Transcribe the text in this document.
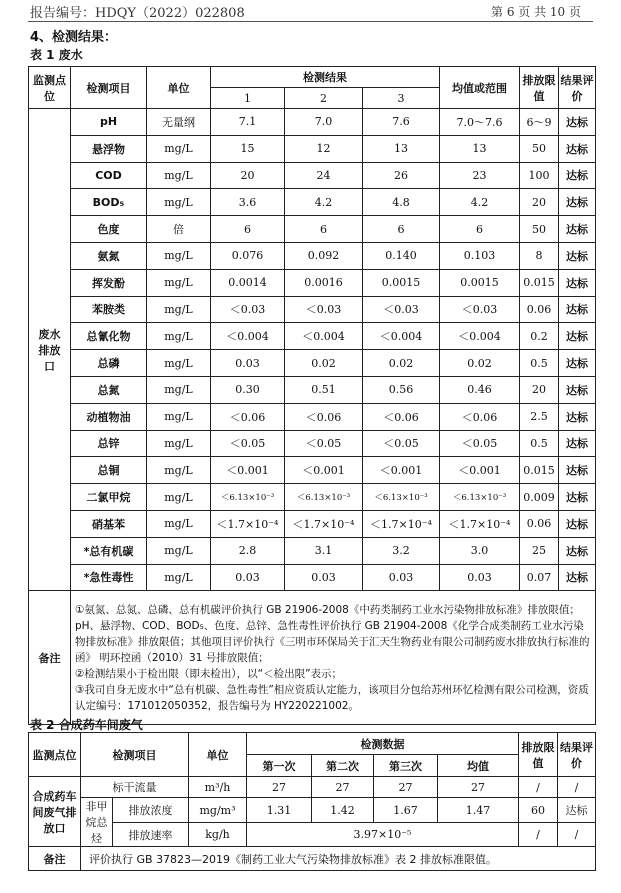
报告编号：HDQY（2022）022808	第 6 页 共 10 页
4、检测结果：
表 1 废水
监测点位	检测项目	单位	检测结果			均值或范围	排放限值	结果评价
			1	2	3			
废水排放口	pH	无量纲	7.1	7.0	7.6	7.0～7.6	6～9	达标
	悬浮物	mg/L	15	12	13	13	50	达标
	COD	mg/L	20	24	26	23	100	达标
	BOD₅	mg/L	3.6	4.2	4.8	4.2	20	达标
	色度	倍	6	6	6	6	50	达标
	氨氮	mg/L	0.076	0.092	0.140	0.103	8	达标
	挥发酚	mg/L	0.0014	0.0016	0.0015	0.0015	0.015	达标
	苯胺类	mg/L	＜0.03	＜0.03	＜0.03	＜0.03	0.06	达标
	总氰化物	mg/L	＜0.004	＜0.004	＜0.004	＜0.004	0.2	达标
	总磷	mg/L	0.03	0.02	0.02	0.02	0.5	达标
	总氮	mg/L	0.30	0.51	0.56	0.46	20	达标
	动植物油	mg/L	＜0.06	＜0.06	＜0.06	＜0.06	2.5	达标
	总锌	mg/L	＜0.05	＜0.05	＜0.05	＜0.05	0.5	达标
	总铜	mg/L	＜0.001	＜0.001	＜0.001	＜0.001	0.015	达标
	二氯甲烷	mg/L	＜6.13×10⁻³	＜6.13×10⁻³	＜6.13×10⁻³	＜6.13×10⁻³	0.009	达标
	硝基苯	mg/L	＜1.7×10⁻⁴	＜1.7×10⁻⁴	＜1.7×10⁻⁴	＜1.7×10⁻⁴	0.06	达标
	*总有机碳	mg/L	2.8	3.1	3.2	3.0	25	达标
	*急性毒性	mg/L	0.03	0.03	0.03	0.03	0.07	达标
备注	①氨氮、总氮、总磷、总有机碳评价执行 GB 21906-2008《中药类制药工业水污染物排放标准》排放限值；pH、悬浮物、COD、BOD₅、色度、总锌、急性毒性评价执行 GB 21904-2008《化学合成类制药工业水污染物排放标准》排放限值；其他项目评价执行《三明市环保局关于汇天生物药业有限公司制药废水排放执行标准的函》 明环控函（2010）31 号排放限值；

②检测结果小于检出限（即未检出），以“＜检出限”表示；

③我司自身无废水中“总有机碳、急性毒性”相应资质认定能力，该项目分包给苏州环忆检测有限公司检测，资质认定编号：171012050352，报告编号为 HY220221002。							

表 2 合成药车间废气
监测点位	检测项目		单位	检测数据				排放限值	结果评价
				第一次	第二次	第三次	均值		
合成药车间废气排放口	标干流量		m³/h	27	27	27	27	/	/
	非甲烷总烃	排放浓度	mg/m³	1.31	1.42	1.67	1.47	60	达标
		排放速率	kg/h	3.97×10⁻⁵				/	/
备注	评价执行 GB 37823—2019《制药工业大气污染物排放标准》表 2 排放标准限值。								
